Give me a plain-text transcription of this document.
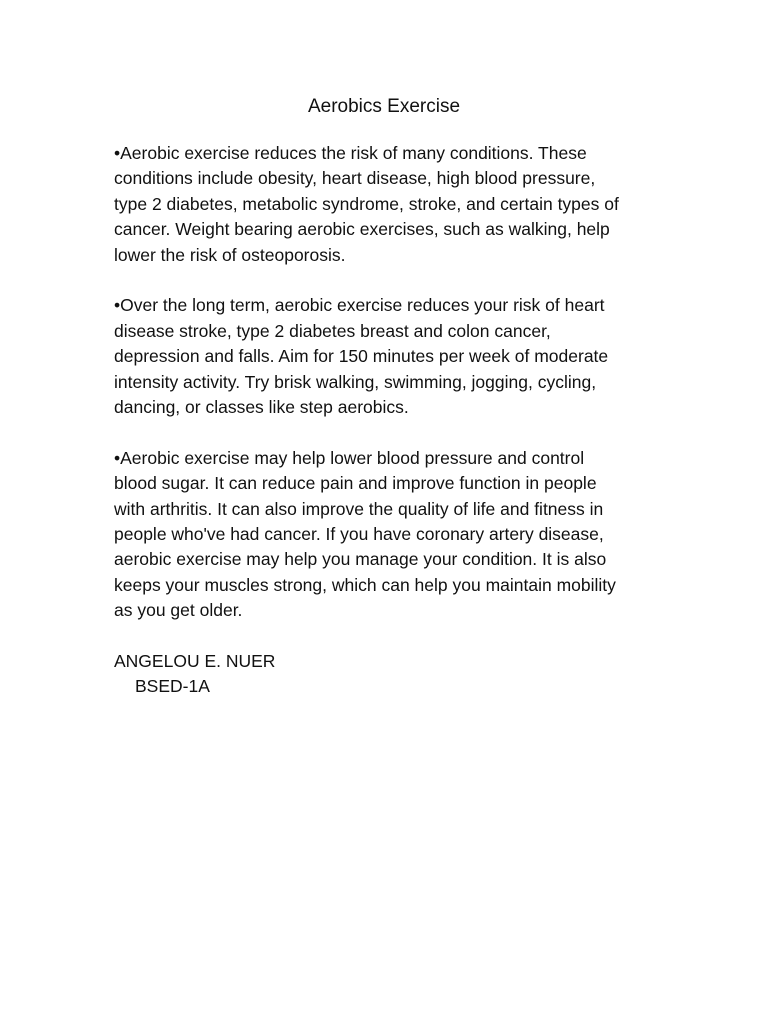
Aerobics Exercise

•Aerobic exercise reduces the risk of many conditions. These
conditions include obesity, heart disease, high blood pressure,
type 2 diabetes, metabolic syndrome, stroke, and certain types of
cancer. Weight bearing aerobic exercises, such as walking, help
lower the risk of osteoporosis.

•Over the long term, aerobic exercise reduces your risk of heart
disease stroke, type 2 diabetes breast and colon cancer,
depression and falls. Aim for 150 minutes per week of moderate
intensity activity. Try brisk walking, swimming, jogging, cycling,
dancing, or classes like step aerobics.

•Aerobic exercise may help lower blood pressure and control
blood sugar. It can reduce pain and improve function in people
with arthritis. It can also improve the quality of life and fitness in
people who've had cancer. If you have coronary artery disease,
aerobic exercise may help you manage your condition. It is also
keeps your muscles strong, which can help you maintain mobility
as you get older.

ANGELOU E. NUER
BSED-1A
